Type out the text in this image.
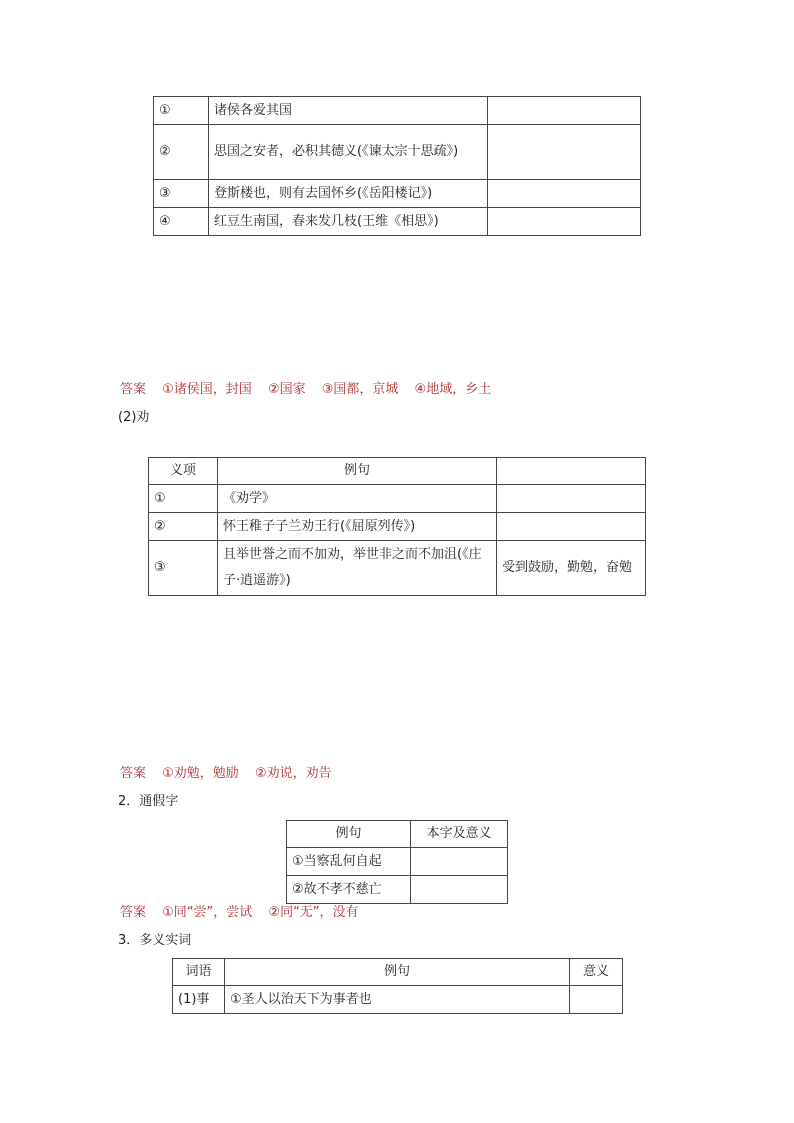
①	诸侯各爱其国	
②	思国之安者，必积其德义(《谏太宗十思疏》)	
③	登斯楼也，则有去国怀乡(《岳阳楼记》)	
④	红豆生南国，春来发几枝(王维《相思》)	
答案 ①诸侯国，封国 ②国家 ③国都，京城 ④地域，乡土
(2)劝
义项	例句	
①	《劝学》	
②	怀王稚子子兰劝王行(《屈原列传》)	
③	且举世誉之而不加劝，举世非之而不加沮(《庄子·逍遥游》)	受到鼓励，勤勉，奋勉
答案 ①劝勉，勉励 ②劝说，劝告
2．通假字
例句	本字及意义
①当察乱何自起	
②故不孝不慈亡	
答案 ①同“尝”，尝试 ②同“无”，没有
3．多义实词
词语	例句	意义
(1)事	①圣人以治天下为事者也	
